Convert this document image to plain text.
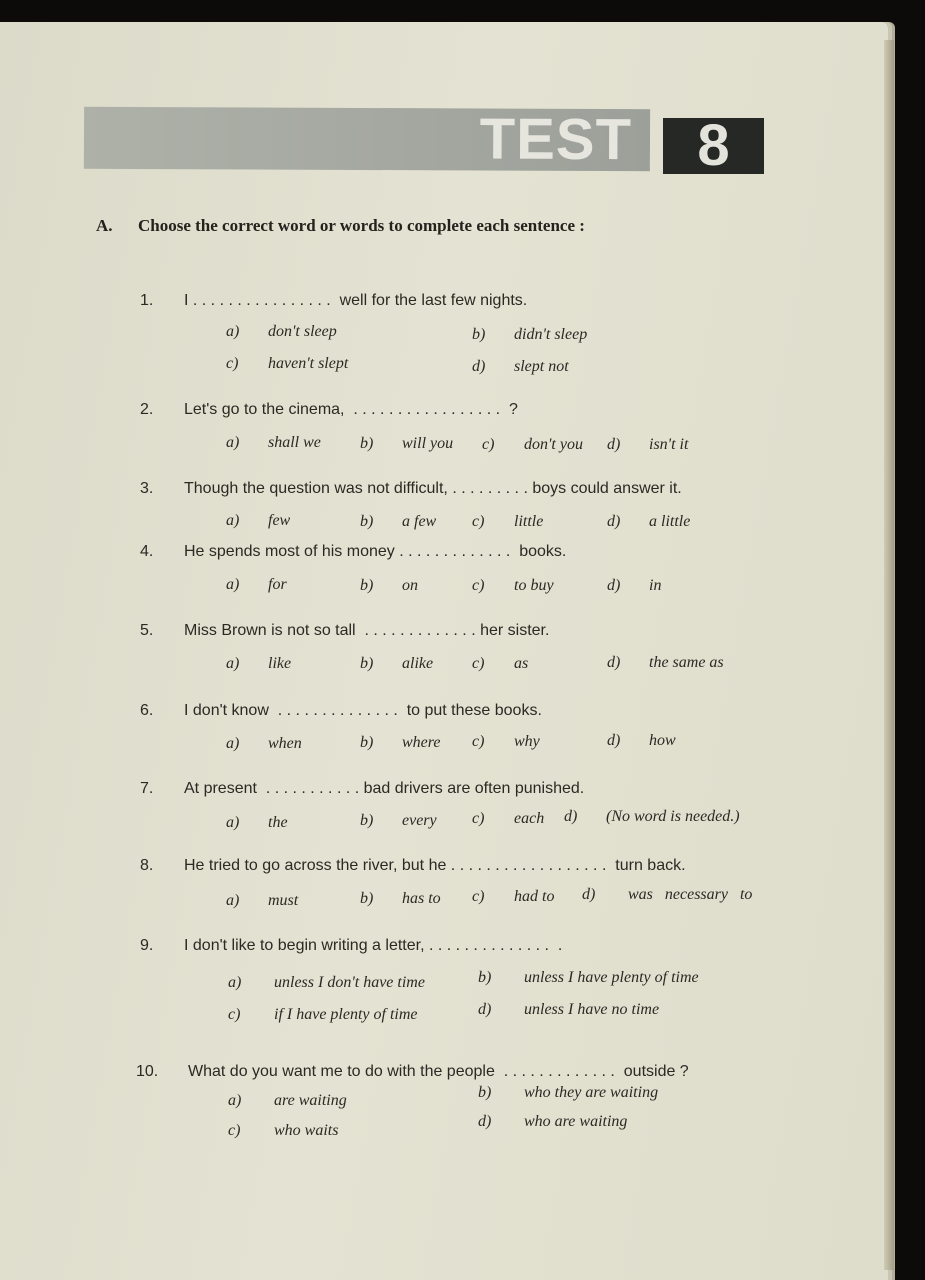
TEST	8
A. Choose the correct word or words to complete each sentence :
1. I . . . . . . . . . . . . . . . .  well for the last few nights.
a) don't sleep	b) didn't sleep
c) haven't slept	d) slept not
2. Let's go to the cinema,  . . . . . . . . . . . . . . . . .  ?
a) shall we b) will you c) don't you d) isn't it
3. Though the question was not difficult, . . . . . . . . . boys could answer it.
a) few	b) a few c) little	d) a little
4. He spends most of his money . . . . . . . . . . . . .  books.
a) for	b) on	c) to buy	d) in
5. Miss Brown is not so tall  . . . . . . . . . . . . . her sister.
a) like	b) alike c) as	d) the same as
6. I don't know  . . . . . . . . . . . . . .  to put these books.
a) when	b) where c) why	d) how
7. At present  . . . . . . . . . . . bad drivers are often punished.
a) the	b) every c) each d) (No word is needed.)
8. He tried to go across the river, but he . . . . . . . . . . . . . . . . . .  turn back.
a) must	b) has to c) had to d) was   necessary   to
9. I don't like to begin writing a letter, . . . . . . . . . . . . . .  .
a) unless I don't have time	b) unless I have plenty of time
c) if I have plenty of time	d) unless I have no time
10. What do you want me to do with the people  . . . . . . . . . . . . .  outside ?
a) are waiting	b) who they are waiting
c) who waits
d) who are waiting
